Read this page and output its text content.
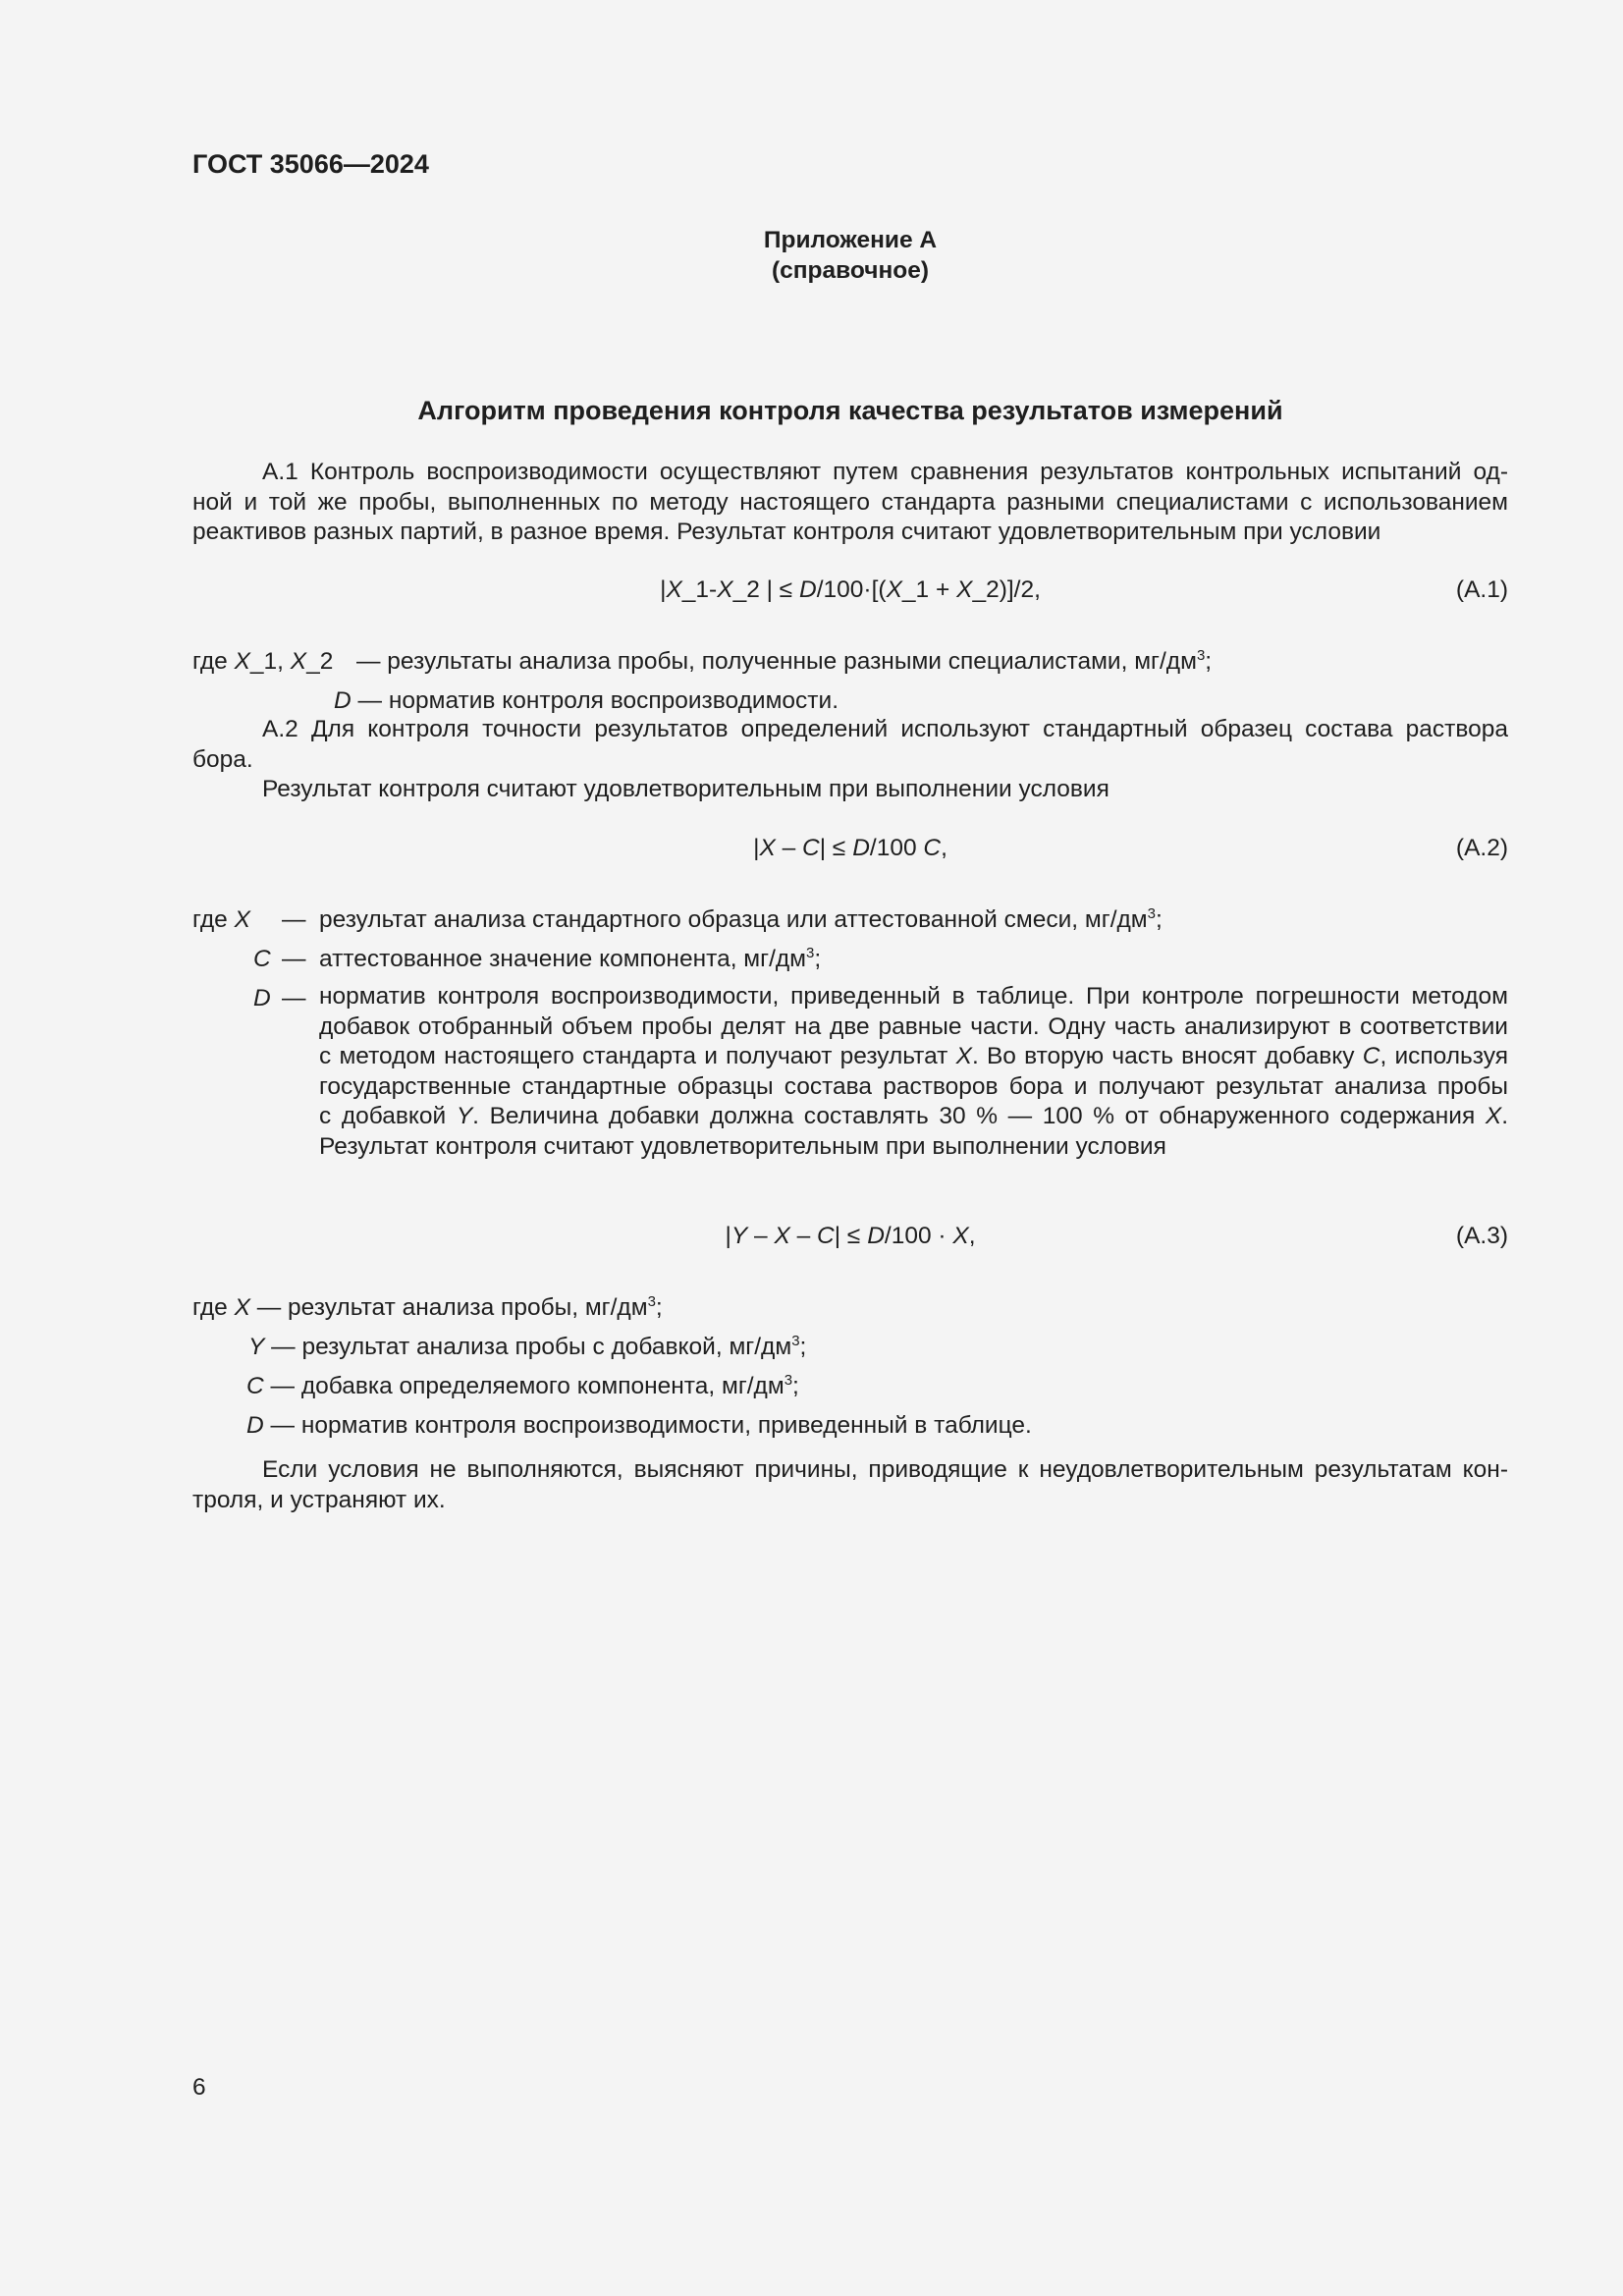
ГОСТ 35066—2024
Приложение А
(справочное)
Алгоритм проведения контроля качества результатов измерений
А.1 Контроль воспроизводимости осуществляют путем сравнения результатов контрольных испытаний од-
ной и той же пробы, выполненных по методу настоящего стандарта разными специалистами с использованием
реактивов разных партий, в разное время. Результат контроля считают удовлетворительным при условии
|X_1-X_2 | ≤ D/100·[(X_1 + X_2)]/2,	(А.1)
где X_1, X_2 — результаты анализа пробы, полученные разными специалистами, $мг/дм^3$;
D — норматив контроля воспроизводимости.
А.2 Для контроля точности результатов определений используют стандартный образец состава раствора
бора.
Результат контроля считают удовлетворительным при выполнении условия
|X – C| ≤ D/100 C,	(А.2)
где X — результат анализа стандартного образца или аттестованной смеси, $мг/дм^3$;
C — аттестованное значение компонента, $мг/дм^3$;
D — норматив контроля воспроизводимости, приведенный в таблице. При контроле погрешности методом
добавок отобранный объем пробы делят на две равные части. Одну часть анализируют в соответствии
с методом настоящего стандарта и получают результат X. Во вторую часть вносят добавку C, используя
государственные стандартные образцы состава растворов бора и получают результат анализа пробы
с добавкой Y. Величина добавки должна составлять 30 % — 100 % от обнаруженного содержания X.
Результат контроля считают удовлетворительным при выполнении условия
|Y – X – C| ≤ D/100 · X,	(А.3)
где X — результат анализа пробы, $мг/дм^3$;
Y — результат анализа пробы с добавкой, $мг/дм^3$;
C — добавка определяемого компонента, $мг/дм^3$;
D — норматив контроля воспроизводимости, приведенный в таблице.
Если условия не выполняются, выясняют причины, приводящие к неудовлетворительным результатам кон-
троля, и устраняют их.
6
